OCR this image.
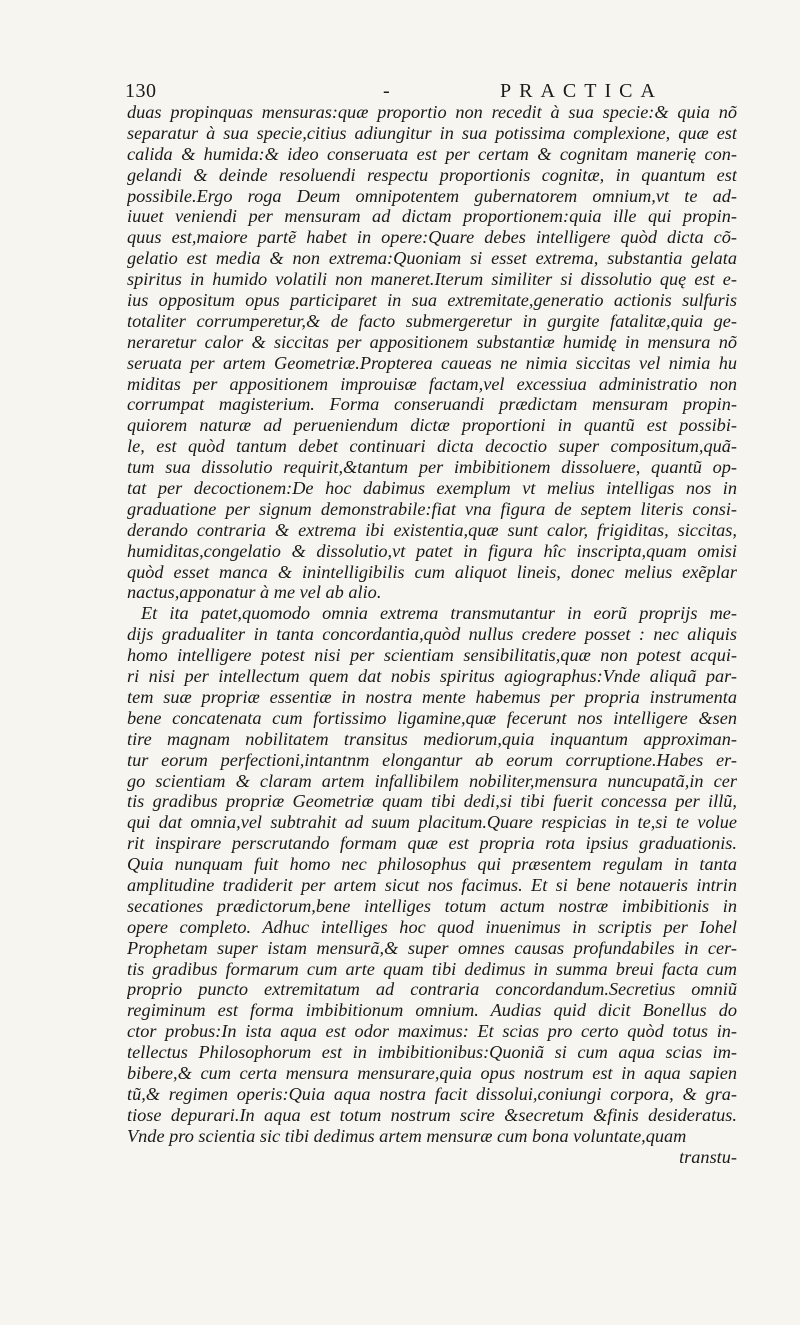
130	-	PRACTICA
duas propinquas mensuras:quæ proportio non recedit à sua specie:& quia nõ
separatur à sua specie,citius adiungitur in sua potissima complexione, quæ est
calida & humida:& ideo conseruata est per certam & cognitam manerię con-
gelandi & deinde resoluendi respectu proportionis cognitæ, in quantum est
possibile.Ergo roga Deum omnipotentem gubernatorem omnium,vt te ad-
iuuet veniendi per mensuram ad dictam proportionem:quia ille qui propin-
quus est,maiore partẽ habet in opere:Quare debes intelligere quòd dicta cõ-
gelatio est media & non extrema:Quoniam si esset extrema, substantia gelata
spiritus in humido volatili non maneret.Iterum similiter si dissolutio quę est e-
ius oppositum opus participaret in sua extremitate,generatio actionis sulfuris
totaliter corrumperetur,& de facto submergeretur in gurgite fatalitæ,quia ge-
neraretur calor & siccitas per appositionem substantiæ humidę in mensura nõ
seruata per artem Geometriæ.Propterea caueas ne nimia siccitas vel nimia hu
miditas per appositionem improuisæ factam,vel excessiua administratio non
corrumpat magisterium. Forma conseruandi prædictam mensuram propin-
quiorem naturæ ad perueniendum dictæ proportioni in quantũ est possibi-
le, est quòd tantum debet continuari dicta decoctio super compositum,quã-
tum sua dissolutio requirit,&tantum per imbibitionem dissoluere, quantũ op-
tat per decoctionem:De hoc dabimus exemplum vt melius intelligas nos in
graduatione per signum demonstrabile:fiat vna figura de septem literis consi-
derando contraria & extrema ibi existentia,quæ sunt calor, frigiditas, siccitas,
humiditas,congelatio & dissolutio,vt patet in figura hîc inscripta,quam omisi
quòd esset manca & inintelligibilis cum aliquot lineis, donec melius exẽplar
nactus,apponatur à me vel ab alio.
Et ita patet,quomodo omnia extrema transmutantur in eorũ proprijs me-
dijs gradualiter in tanta concordantia,quòd nullus credere posset : nec aliquis
homo intelligere potest nisi per scientiam sensibilitatis,quæ non potest acqui-
ri nisi per intellectum quem dat nobis spiritus agiographus:Vnde aliquã par-
tem suæ propriæ essentiæ in nostra mente habemus per propria instrumenta
bene concatenata cum fortissimo ligamine,quæ fecerunt nos intelligere &sen
tire magnam nobilitatem transitus mediorum,quia inquantum approximan-
tur eorum perfectioni,intantnm elongantur ab eorum corruptione.Habes er-
go scientiam & claram artem infallibilem nobiliter,mensura nuncupatã,in cer
tis gradibus propriæ Geometriæ quam tibi dedi,si tibi fuerit concessa per illũ,
qui dat omnia,vel subtrahit ad suum placitum.Quare respicias in te,si te volue
rit inspirare perscrutando formam quæ est propria rota ipsius graduationis.
Quia nunquam fuit homo nec philosophus qui præsentem regulam in tanta
amplitudine tradiderit per artem sicut nos facimus. Et si bene notaueris intrin
secationes prædictorum,bene intelliges totum actum nostræ imbibitionis in
opere completo. Adhuc intelliges hoc quod inuenimus in scriptis per Iohel
Prophetam super istam mensurã,& super omnes causas profundabiles in cer-
tis gradibus formarum cum arte quam tibi dedimus in summa breui facta cum
proprio puncto extremitatum ad contraria concordandum.Secretius omniũ
regiminum est forma imbibitionum omnium. Audias quid dicit Bonellus do
ctor probus:In ista aqua est odor maximus: Et scias pro certo quòd totus in-
tellectus Philosophorum est in imbibitionibus:Quoniã si cum aqua scias im-
bibere,& cum certa mensura mensurare,quia opus nostrum est in aqua sapien
tũ,& regimen operis:Quia aqua nostra facit dissolui,coniungi corpora, & gra-
tiose depurari.In aqua est totum nostrum scire &secretum &finis desideratus.
Vnde pro scientia sic tibi dedimus artem mensuræ cum bona voluntate,quam
transtu-
